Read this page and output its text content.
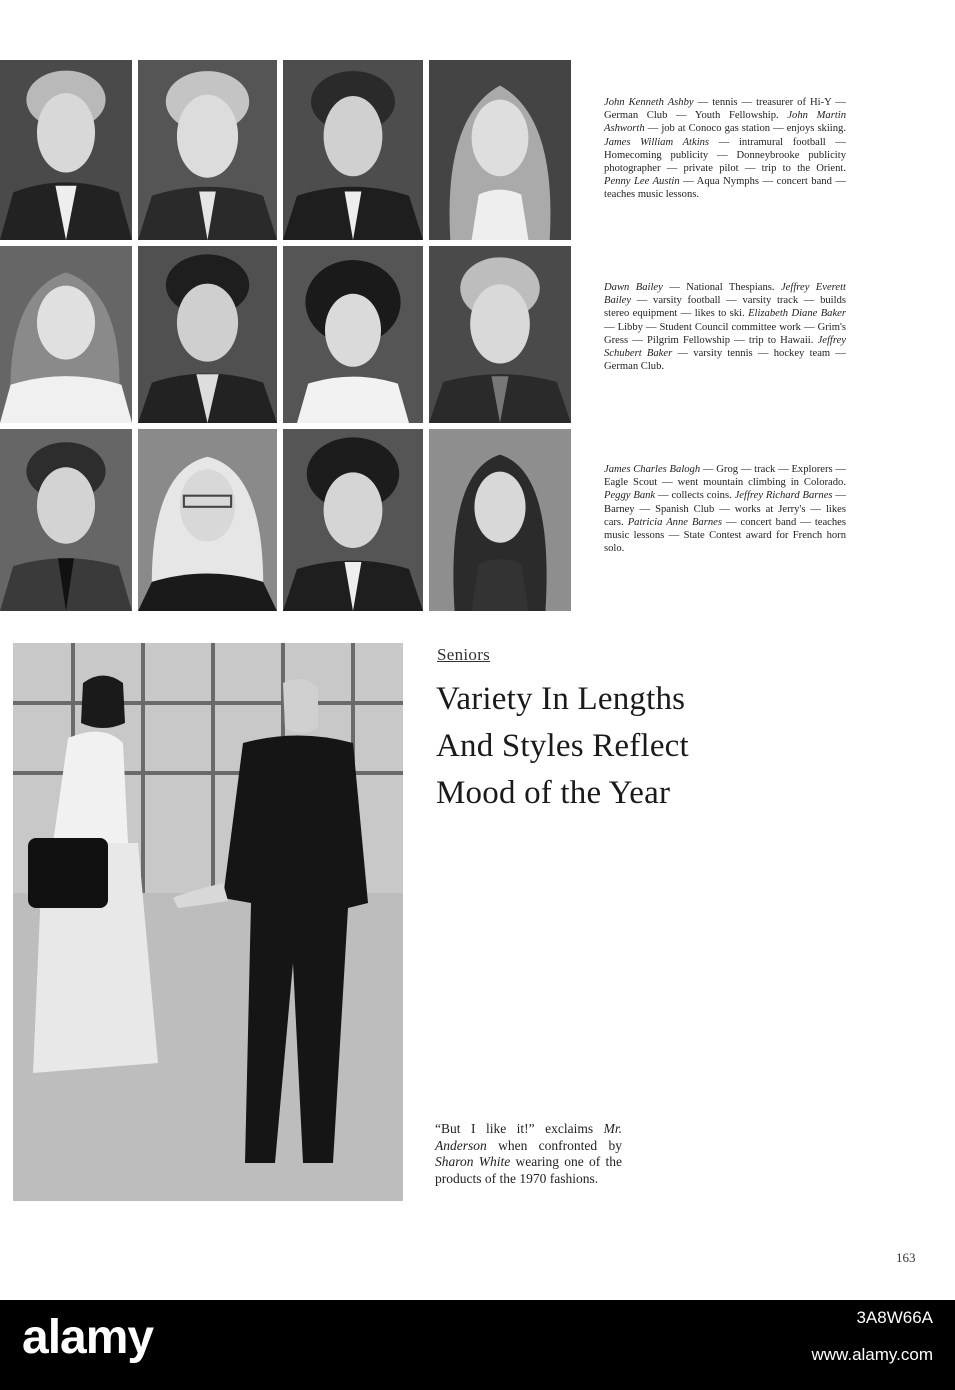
John Kenneth Ashby — tennis — treasurer of Hi-Y — German Club — Youth Fellowship. John Martin Ashworth — job at Conoco gas station — enjoys skiing. James William Atkins — intramural football — Homecoming publicity — Donneybrooke publicity photographer — private pilot — trip to the Orient. Penny Lee Austin — Aqua Nymphs — concert band — teaches music lessons.
Dawn Bailey — National Thespians. Jeffrey Everett Bailey — varsity football — varsity track — builds stereo equipment — likes to ski. Elizabeth Diane Baker — Libby — Student Council committee work — Grim's Gress — Pilgrim Fellowship — trip to Hawaii. Jeffrey Schubert Baker — varsity tennis — hockey team — German Club.
James Charles Balogh — Grog — track — Explorers — Eagle Scout — went mountain climbing in Colorado. Peggy Bank — collects coins. Jeffrey Richard Barnes — Barney — Spanish Club — works at Jerry's — likes cars. Patricia Anne Barnes — concert band — teaches music lessons — State Contest award for French horn solo.
Seniors
Variety In Lengths
And Styles Reflect
Mood of the Year
“But I like it!” exclaims Mr. Anderson when confronted by Sharon White wearing one of the products of the 1970 fashions.
163
alamy	3A8W66A
www.alamy.com
